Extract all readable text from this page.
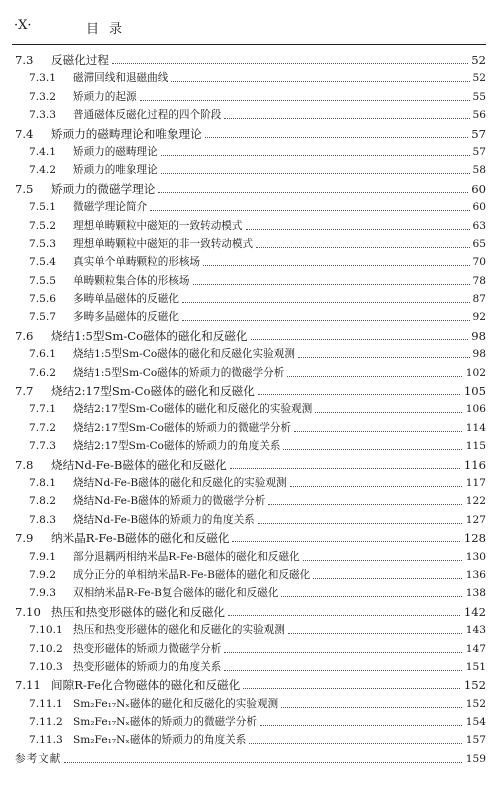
·X·	目录
7.3 反磁化过程	52
7.3.1 磁滞回线和退磁曲线	52
7.3.2 矫顽力的起源	55
7.3.3 普通磁体反磁化过程的四个阶段	56
7.4 矫顽力的磁畴理论和唯象理论	57
7.4.1 矫顽力的磁畴理论	57
7.4.2 矫顽力的唯象理论	58
7.5 矫顽力的微磁学理论	60
7.5.1 微磁学理论简介	60
7.5.2 理想单畴颗粒中磁矩的一致转动模式	63
7.5.3 理想单畴颗粒中磁矩的非一致转动模式	65
7.5.4 真实单个单畴颗粒的形核场	70
7.5.5 单畴颗粒集合体的形核场	78
7.5.6 多畴单晶磁体的反磁化	87
7.5.7 多畴多晶磁体的反磁化	92
7.6 烧结1:5型Sm-Co磁体的磁化和反磁化	98
7.6.1 烧结1:5型Sm-Co磁体的磁化和反磁化实验观测	98
7.6.2 烧结1:5型Sm-Co磁体的矫顽力的微磁学分析	102
7.7 烧结2:17型Sm-Co磁体的磁化和反磁化	105
7.7.1 烧结2:17型Sm-Co磁体的磁化和反磁化的实验观测	106
7.7.2 烧结2:17型Sm-Co磁体的矫顽力的微磁学分析	114
7.7.3 烧结2:17型Sm-Co磁体的矫顽力的角度关系	115
7.8 烧结Nd-Fe-B磁体的磁化和反磁化	116
7.8.1 烧结Nd-Fe-B磁体的磁化和反磁化的实验观测	117
7.8.2 烧结Nd-Fe-B磁体的矫顽力的微磁学分析	122
7.8.3 烧结Nd-Fe-B磁体的矫顽力的角度关系	127
7.9 纳米晶R-Fe-B磁体的磁化和反磁化	128
7.9.1 部分退耦两相纳米晶R-Fe-B磁体的磁化和反磁化	130
7.9.2 成分正分的单相纳米晶R-Fe-B磁体的磁化和反磁化	136
7.9.3 双相纳米晶R-Fe-B复合磁体的磁化和反磁化	138
7.10 热压和热变形磁体的磁化和反磁化	142
7.10.1 热压和热变形磁体的磁化和反磁化的实验观测	143
7.10.2 热变形磁体的矫顽力微磁学分析	147
7.10.3 热变形磁体的矫顽力的角度关系	151
7.11 间隙R-Fe化合物磁体的磁化和反磁化	152
7.11.1 Sm₂Fe₁₇Nₓ磁体的磁化和反磁化的实验观测	152
7.11.2 Sm₂Fe₁₇Nₓ磁体的矫顽力的微磁学分析	154
7.11.3 Sm₂Fe₁₇Nₓ磁体的矫顽力的角度关系	157
参考文献	159
